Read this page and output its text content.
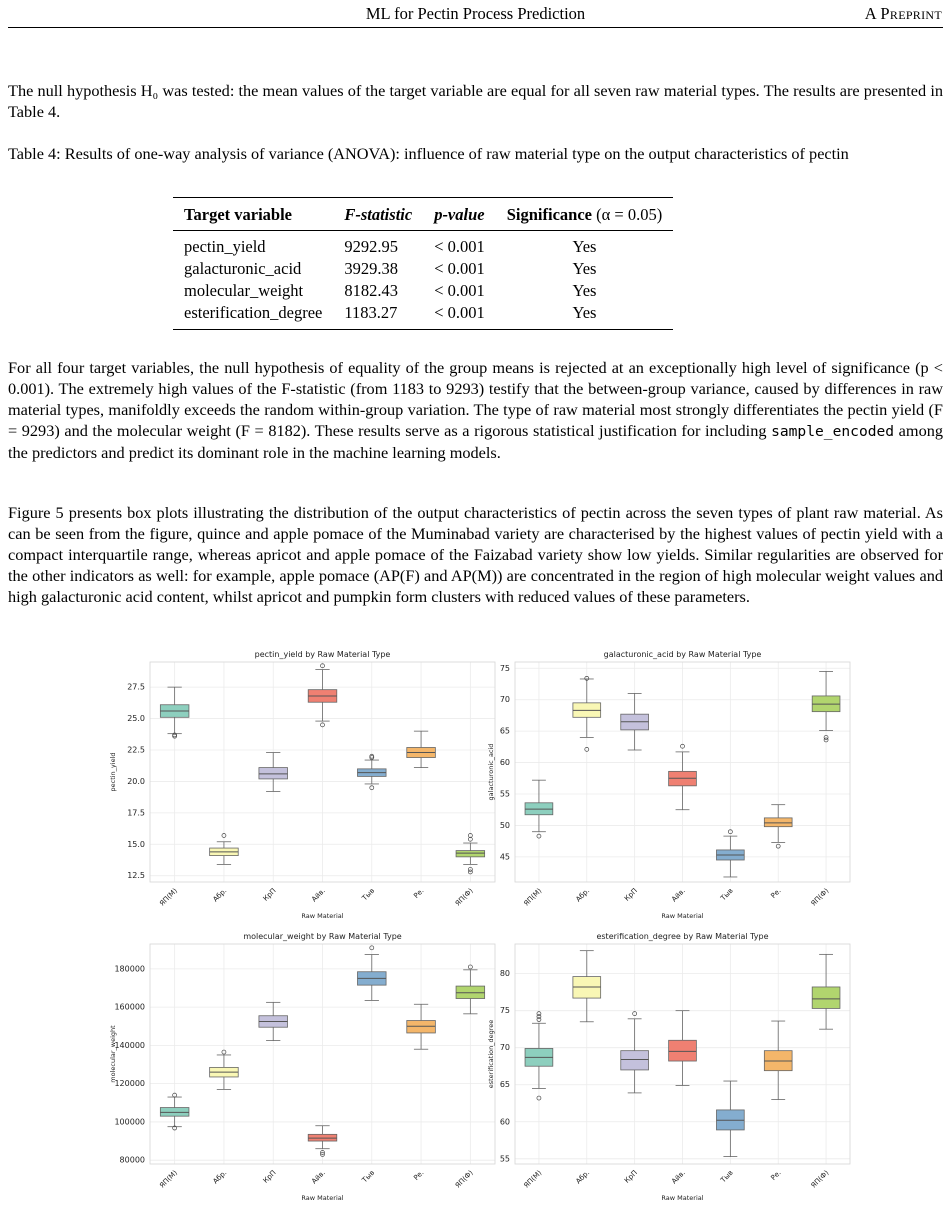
ML for Pectin Process Prediction	A Preprint

The null hypothesis H₀ was tested: the mean values of the target variable are equal for all seven raw material types. The results are presented in Table 4.

Table 4: Results of one-way analysis of variance (ANOVA): influence of raw material type on the output characteristics of pectin

Target variable	F-statistic	p-value	Significance (α = 0.05)
pectin_yield	9292.95	< 0.001	Yes
galacturonic_acid	3929.38	< 0.001	Yes
molecular_weight	8182.43	< 0.001	Yes
esterification_degree	1183.27	< 0.001	Yes

For all four target variables, the null hypothesis of equality of the group means is rejected at an exceptionally high level of significance (p < 0.001). The extremely high values of the F-statistic (from 1183 to 9293) testify that the between-group variance, caused by differences in raw material types, manifoldly exceeds the random within-group variation. The type of raw material most strongly differentiates the pectin yield (F = 9293) and the molecular weight (F = 8182). These results serve as a rigorous statistical justification for including sample_encoded among the predictors and predict its dominant role in the machine learning models.

Figure 5 presents box plots illustrating the distribution of the output characteristics of pectin across the seven types of plant raw material. As can be seen from the figure, quince and apple pomace of the Muminabad variety are characterised by the highest values of pectin yield with a compact interquartile range, whereas apricot and apple pomace of the Faizabad variety show low yields. Similar regularities are observed for the other indicators as well: for example, apple pomace (AP(F) and AP(M)) are concentrated in the region of high molecular weight values and high galacturonic acid content, whilst apricot and pumpkin form clusters with reduced values of these parameters.

pectin_yield by Raw Material Type
12.5
15.0
17.5
20.0
22.5
25.0
27.5
ЯП(М)	Абр.	КрП	Айв.	Тыв	Ре.	ЯП(Ф)
Raw Material
pectin_yield
galacturonic_acid by Raw Material Type
45
50
55
60
65
70
75
ЯП(М)	Абр.	КрП	Айв.	Тыв	Ре.	ЯП(Ф)
Raw Material
galacturonic_acid
molecular_weight by Raw Material Type
80000
100000
120000
140000
160000
180000
ЯП(М)	Абр.	КрП	Айв.	Тыв	Ре.	ЯП(Ф)
Raw Material
molecular_weight
esterification_degree by Raw Material Type
55
60
65
70
75
80
ЯП(М)	Абр.	КрП	Айв.	Тыв	Ре.	ЯП(Ф)
Raw Material
esterification_degree
